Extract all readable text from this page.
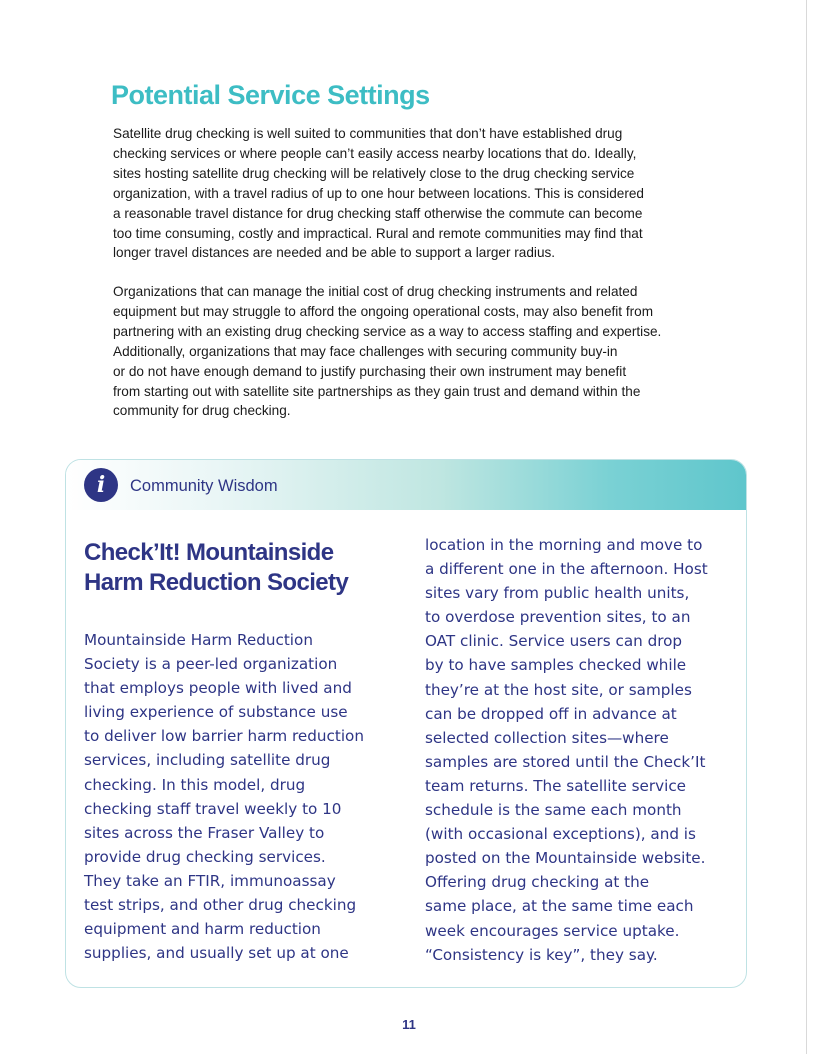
Potential Service Settings

Satellite drug checking is well suited to communities that don’t have established drug
checking services or where people can’t easily access nearby locations that do. Ideally,
sites hosting satellite drug checking will be relatively close to the drug checking service
organization, with a travel radius of up to one hour between locations. This is considered
a reasonable travel distance for drug checking staff otherwise the commute can become
too time consuming, costly and impractical. Rural and remote communities may find that
longer travel distances are needed and be able to support a larger radius.

Organizations that can manage the initial cost of drug checking instruments and related
equipment but may struggle to afford the ongoing operational costs, may also benefit from
partnering with an existing drug checking service as a way to access staffing and expertise.
Additionally, organizations that may face challenges with securing community buy-in
or do not have enough demand to justify purchasing their own instrument may benefit
from starting out with satellite site partnerships as they gain trust and demand within the
community for drug checking.

i	Community Wisdom
Check’It! Mountainside
Harm Reduction Society

Mountainside Harm Reduction
Society is a peer-led organization
that employs people with lived and
living experience of substance use
to deliver low barrier harm reduction
services, including satellite drug
checking. In this model, drug
checking staff travel weekly to 10
sites across the Fraser Valley to
provide drug checking services.
They take an FTIR, immunoassay
test strips, and other drug checking
equipment and harm reduction
supplies, and usually set up at one

location in the morning and move to
a different one in the afternoon. Host
sites vary from public health units,
to overdose prevention sites, to an
OAT clinic. Service users can drop
by to have samples checked while
they’re at the host site, or samples
can be dropped off in advance at
selected collection sites—where
samples are stored until the Check’It
team returns. The satellite service
schedule is the same each month
(with occasional exceptions), and is
posted on the Mountainside website.
Offering drug checking at the
same place, at the same time each
week encourages service uptake.
“Consistency is key”, they say.

11
